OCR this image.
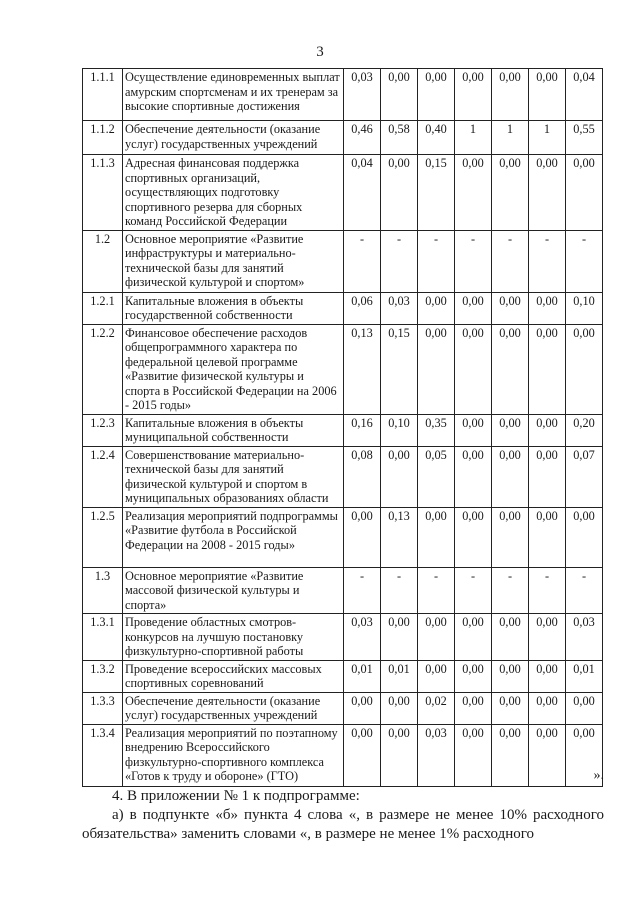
3
1.1.1	Осуществление единовременных выплат амурским спортсменам и их тренерам за высокие спортивные достижения	0,03	0,00	0,00	0,00	0,00	0,00	0,04
1.1.2	Обеспечение деятельности (оказание услуг) государственных учреждений	0,46	0,58	0,40	1	1	1	0,55
1.1.3	Адресная финансовая поддержка спортивных организаций, осуществляющих подготовку спортивного резерва для сборных команд Российской Федерации	0,04	0,00	0,15	0,00	0,00	0,00	0,00
1.2	Основное мероприятие «Развитие инфраструктуры и материально-технической базы для занятий физической культурой и спортом»	-	-	-	-	-	-	-
1.2.1	Капитальные вложения в объекты государственной собственности	0,06	0,03	0,00	0,00	0,00	0,00	0,10
1.2.2	Финансовое обеспечение расходов общепрограммного характера по федеральной целевой программе «Развитие физической культуры и спорта в Российской Федерации на 2006 - 2015 годы»	0,13	0,15	0,00	0,00	0,00	0,00	0,00
1.2.3	Капитальные вложения в объекты муниципальной собственности	0,16	0,10	0,35	0,00	0,00	0,00	0,20
1.2.4	Совершенствование материально-технической базы для занятий физической культурой и спортом в муниципальных образованиях области	0,08	0,00	0,05	0,00	0,00	0,00	0,07
1.2.5	Реализация мероприятий подпрограммы «Развитие футбола в Российской Федерации на 2008 - 2015 годы»	0,00	0,13	0,00	0,00	0,00	0,00	0,00
1.3	Основное мероприятие «Развитие массовой физической культуры и спорта»	-	-	-	-	-	-	-
1.3.1	Проведение областных смотров-конкурсов на лучшую постановку физкультурно-спортивной работы	0,03	0,00	0,00	0,00	0,00	0,00	0,03
1.3.2	Проведение всероссийских массовых спортивных соревнований	0,01	0,01	0,00	0,00	0,00	0,00	0,01
1.3.3	Обеспечение деятельности (оказание услуг) государственных учреждений	0,00	0,00	0,02	0,00	0,00	0,00	0,00
1.3.4	Реализация мероприятий по поэтапному внедрению Всероссийского физкультурно-спортивного комплекса «Готов к труду и обороне» (ГТО)	0,00	0,00	0,03	0,00	0,00	0,00	0,00
».
4. В приложении № 1 к подпрограмме:
а) в подпункте «б» пункта 4 слова «, в размере не менее 10% расходного обязательства» заменить словами «, в размере не менее 1% расходного
